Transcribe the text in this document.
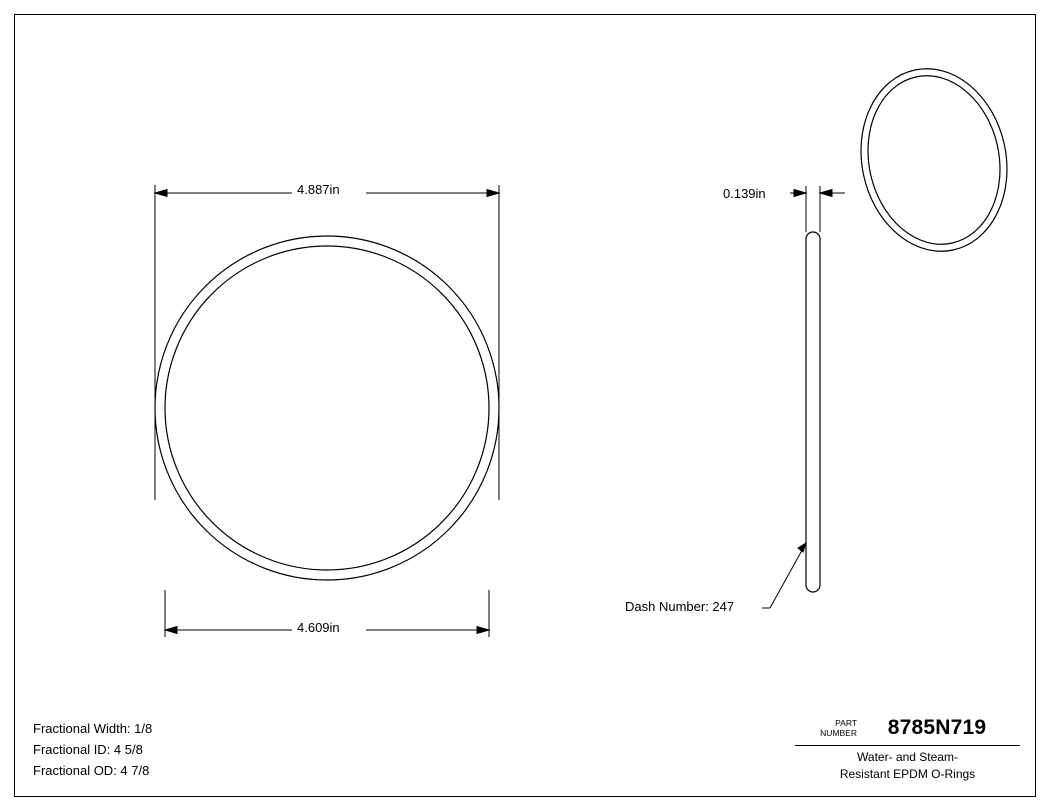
4.887in
4.609in
0.139in
Dash Number: 247
Fractional Width: 1/8
Fractional ID: 4 5/8
Fractional OD: 4 7/8
PART
NUMBER	8785N719
Water- and Steam-
Resistant EPDM O-Rings
